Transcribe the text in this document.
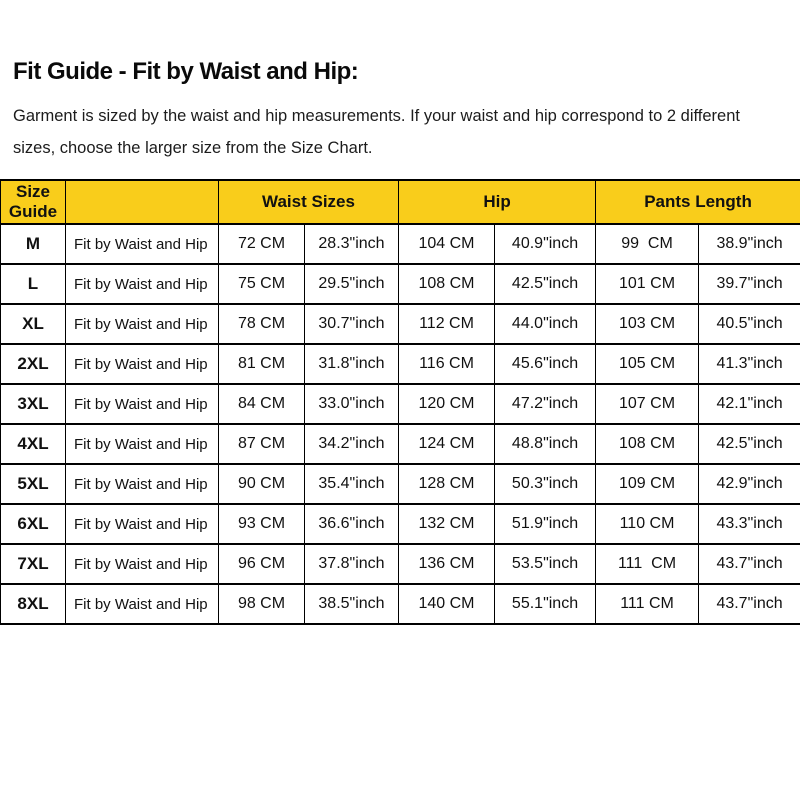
Fit Guide - Fit by Waist and Hip:
Garment is sized by the waist and hip measurements. If your waist and hip correspond to 2 different
sizes, choose the larger size from the Size Chart.
Size Guide		Waist Sizes		Hip		Pants Length	
M	Fit by Waist and Hip	72 CM	28.3"inch	104 CM	40.9"inch	99  CM	38.9"inch
L	Fit by Waist and Hip	75 CM	29.5"inch	108 CM	42.5"inch	101 CM	39.7"inch
XL	Fit by Waist and Hip	78 CM	30.7"inch	112 CM	44.0"inch	103 CM	40.5"inch
2XL	Fit by Waist and Hip	81 CM	31.8"inch	116 CM	45.6"inch	105 CM	41.3"inch
3XL	Fit by Waist and Hip	84 CM	33.0"inch	120 CM	47.2"inch	107 CM	42.1"inch
4XL	Fit by Waist and Hip	87 CM	34.2"inch	124 CM	48.8"inch	108 CM	42.5"inch
5XL	Fit by Waist and Hip	90 CM	35.4"inch	128 CM	50.3"inch	109 CM	42.9"inch
6XL	Fit by Waist and Hip	93 CM	36.6"inch	132 CM	51.9"inch	110 CM	43.3"inch
7XL	Fit by Waist and Hip	96 CM	37.8"inch	136 CM	53.5"inch	111  CM	43.7"inch
8XL	Fit by Waist and Hip	98 CM	38.5"inch	140 CM	55.1"inch	111 CM	43.7"inch
